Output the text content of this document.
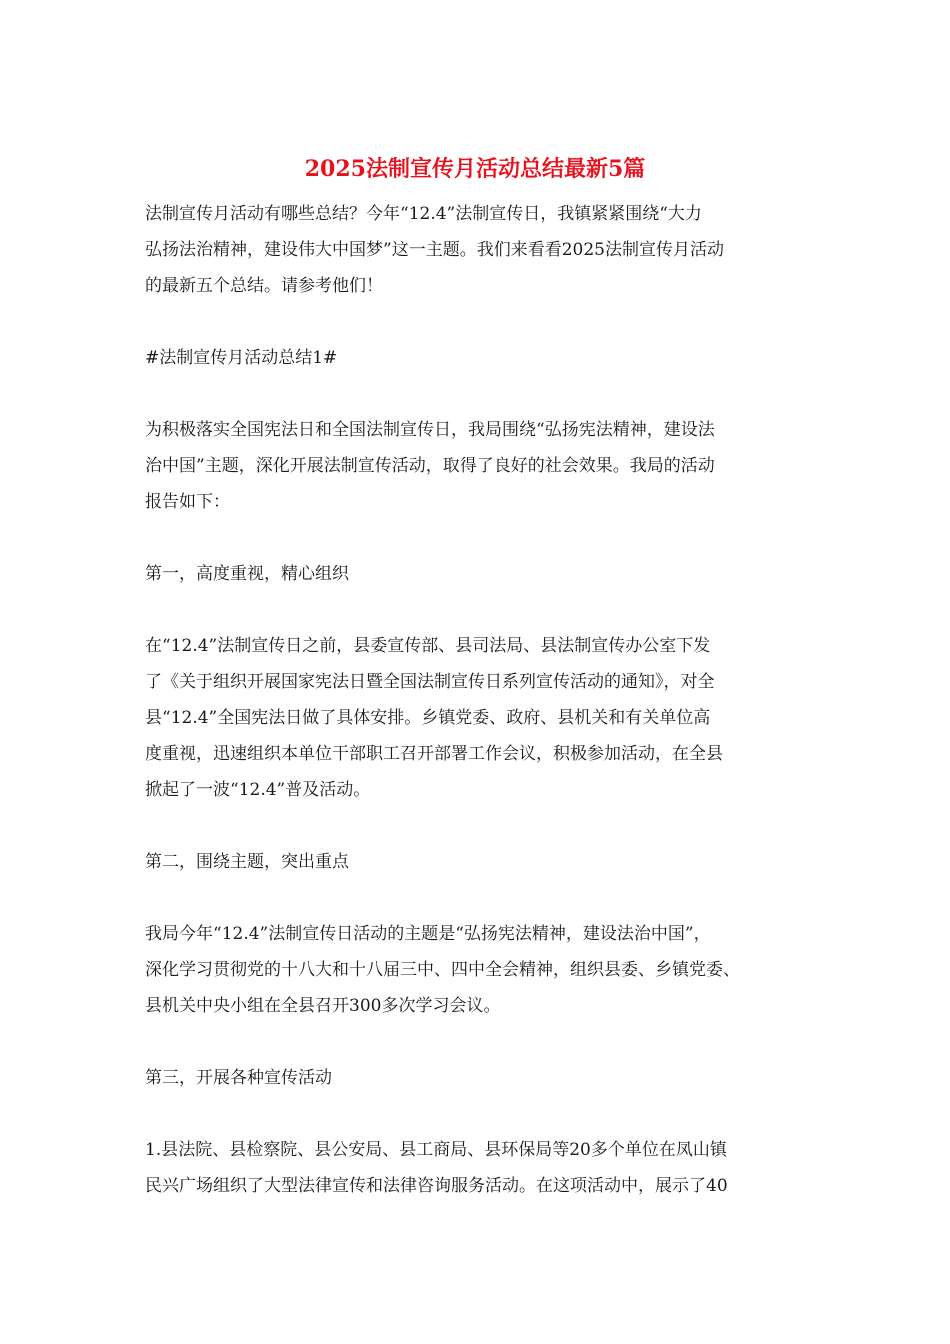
2025法制宣传月活动总结最新5篇

法制宣传月活动有哪些总结？今年“12.4”法制宣传日，我镇紧紧围绕“大力
弘扬法治精神，建设伟大中国梦”这一主题。我们来看看2025法制宣传月活动
的最新五个总结。请参考他们！

#法制宣传月活动总结1#

为积极落实全国宪法日和全国法制宣传日，我局围绕“弘扬宪法精神，建设法
治中国”主题，深化开展法制宣传活动，取得了良好的社会效果。我局的活动
报告如下：

第一，高度重视，精心组织

在“12.4”法制宣传日之前，县委宣传部、县司法局、县法制宣传办公室下发
了《关于组织开展国家宪法日暨全国法制宣传日系列宣传活动的通知》，对全
县“12.4”全国宪法日做了具体安排。乡镇党委、政府、县机关和有关单位高
度重视，迅速组织本单位干部职工召开部署工作会议，积极参加活动，在全县
掀起了一波“12.4”普及活动。

第二，围绕主题，突出重点

我局今年“12.4”法制宣传日活动的主题是“弘扬宪法精神，建设法治中国”，
深化学习贯彻党的十八大和十八届三中、四中全会精神，组织县委、乡镇党委、
县机关中央小组在全县召开300多次学习会议。

第三，开展各种宣传活动

1.县法院、县检察院、县公安局、县工商局、县环保局等20多个单位在凤山镇
民兴广场组织了大型法律宣传和法律咨询服务活动。在这项活动中，展示了40
